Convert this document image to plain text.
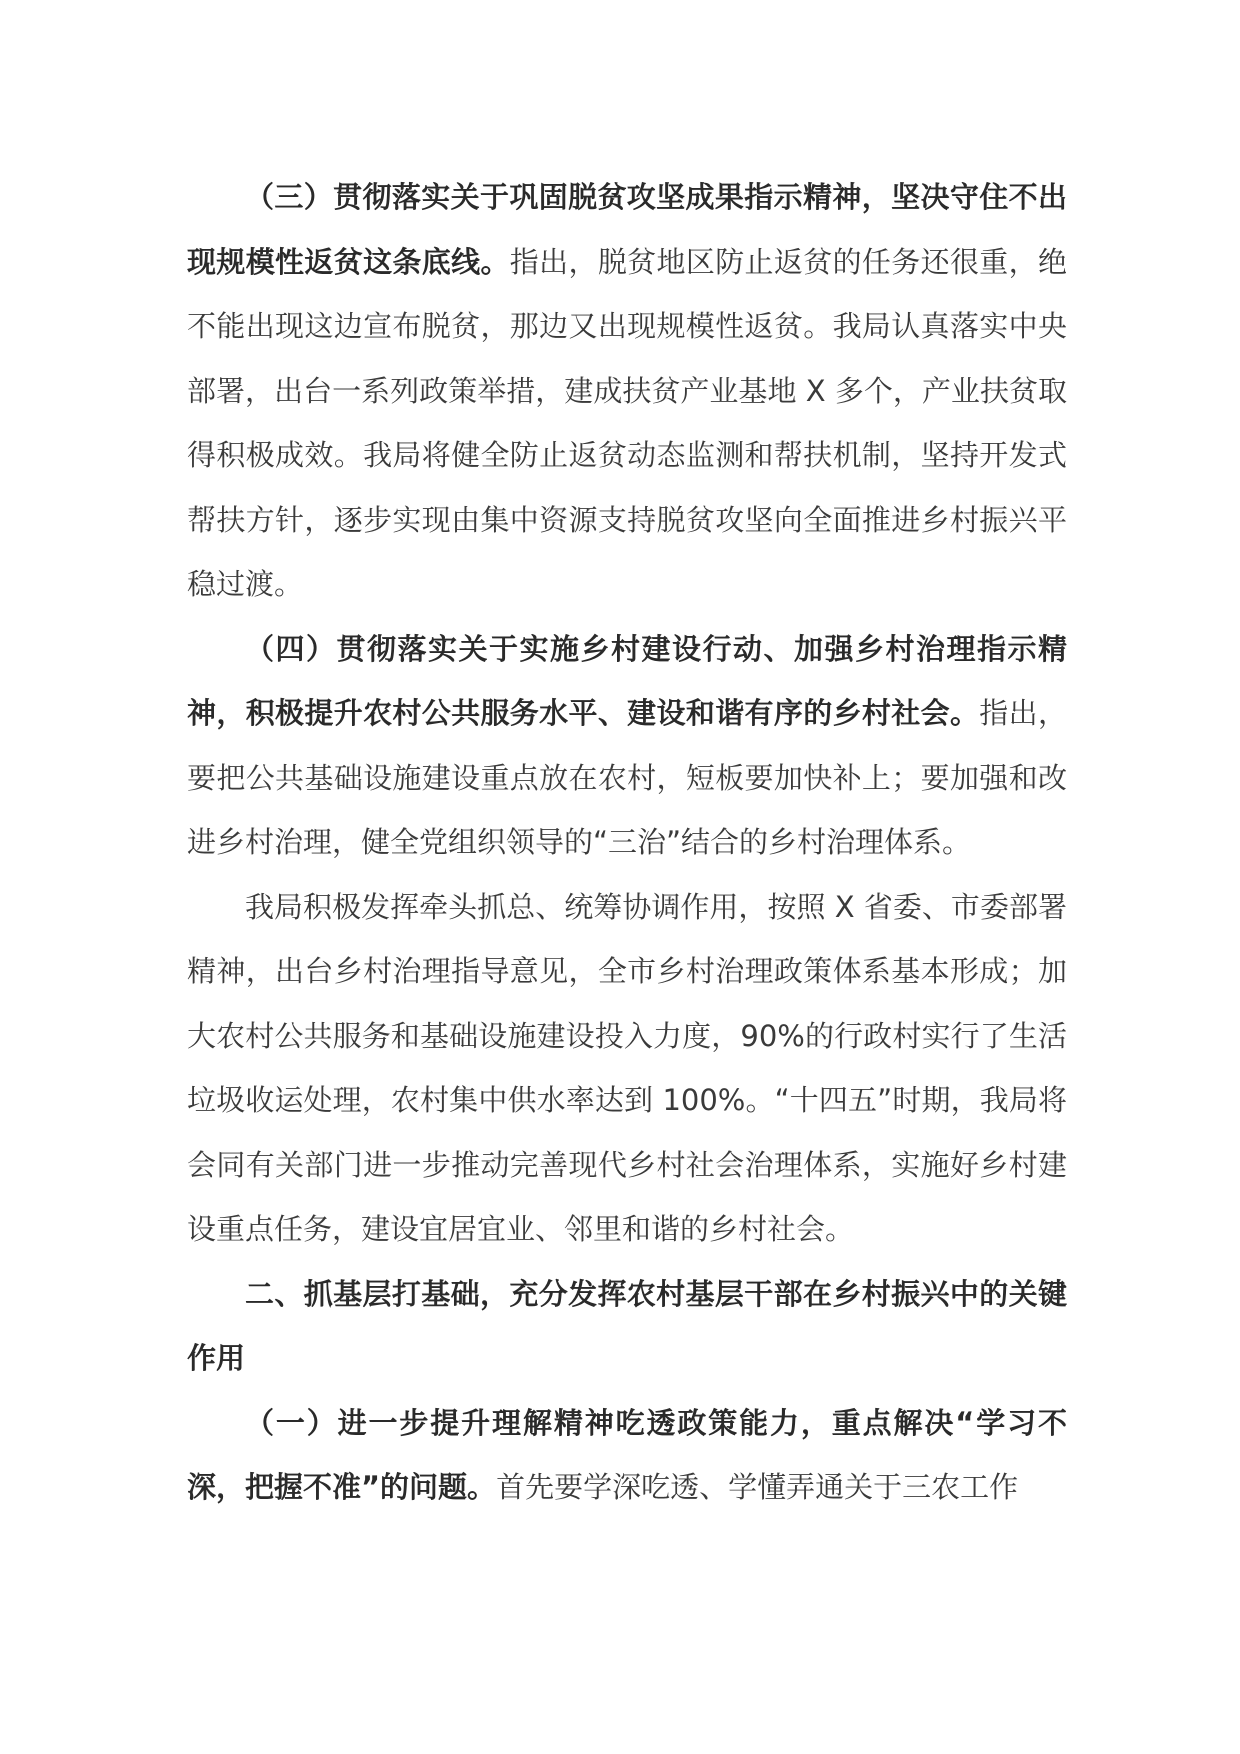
（三）贯彻落实关于巩固脱贫攻坚成果指示精神，坚决守住不出现规模性返贫这条底线。指出，脱贫地区防止返贫的任务还很重，绝不能出现这边宣布脱贫，那边又出现规模性返贫。我局认真落实中央部署，出台一系列政策举措，建成扶贫产业基地 X 多个，产业扶贫取得积极成效。我局将健全防止返贫动态监测和帮扶机制，坚持开发式帮扶方针，逐步实现由集中资源支持脱贫攻坚向全面推进乡村振兴平稳过渡。

（四）贯彻落实关于实施乡村建设行动、加强乡村治理指示精神，积极提升农村公共服务水平、建设和谐有序的乡村社会。指出，要把公共基础设施建设重点放在农村，短板要加快补上；要加强和改进乡村治理，健全党组织领导的“三治”结合的乡村治理体系。

我局积极发挥牵头抓总、统筹协调作用，按照 X 省委、市委部署精神，出台乡村治理指导意见，全市乡村治理政策体系基本形成；加大农村公共服务和基础设施建设投入力度，90%的行政村实行了生活垃圾收运处理，农村集中供水率达到 100%。“十四五”时期，我局将会同有关部门进一步推动完善现代乡村社会治理体系，实施好乡村建设重点任务，建设宜居宜业、邻里和谐的乡村社会。

二、抓基层打基础，充分发挥农村基层干部在乡村振兴中的关键作用

（一）进一步提升理解精神吃透政策能力，重点解决“学习不深，把握不准”的问题。首先要学深吃透、学懂弄通关于三农工作
